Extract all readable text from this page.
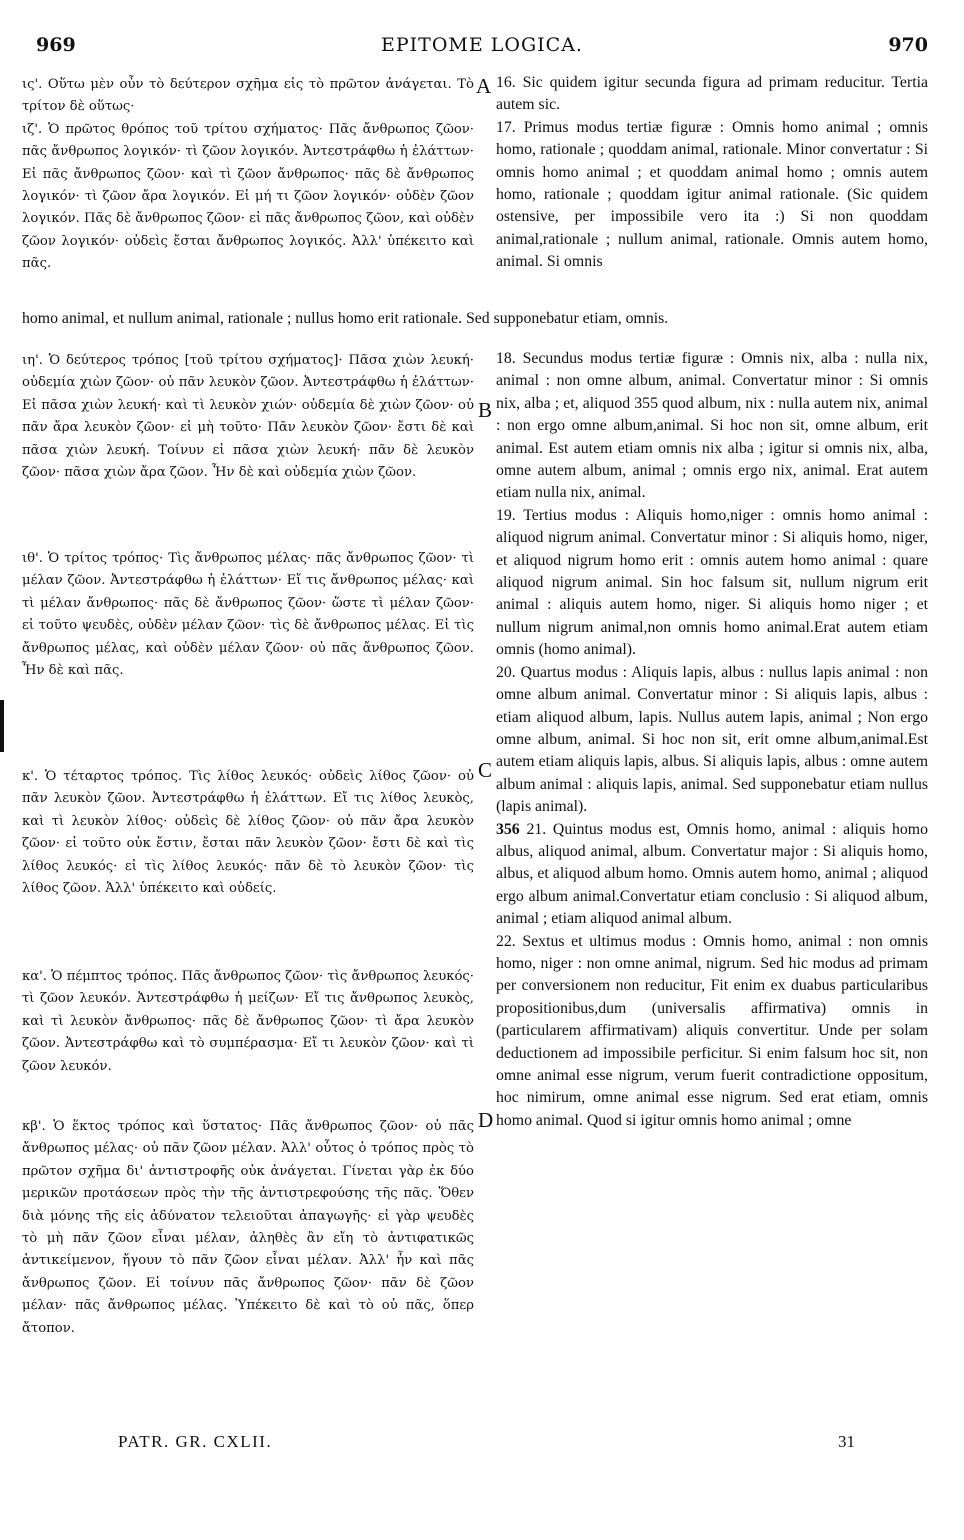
969	EPITOME LOGICA.	970

ις'. Οὕτω μὲν οὖν τὸ δεύτερον σχῆμα εἰς τὸ πρῶτον ἀνάγεται. Τὸ τρίτον δὲ οὕτως·

ιζ'. Ὁ πρῶτος θρόπος τοῦ τρίτου σχήματος· Πᾶς ἄνθρωπος ζῶον· πᾶς ἄνθρωπος λογικόν· τὶ ζῶον λογικόν. Ἀντεστράφθω ἡ ἐλάττων· Εἰ πᾶς ἄνθρωπος ζῶον· καὶ τὶ ζῶον ἄνθρωπος· πᾶς δὲ ἄνθρωπος λογικόν· τὶ ζῶον ἄρα λογικόν. Εἰ μή τι ζῶον λογικόν· οὐδὲν ζῶον λογικόν. Πᾶς δὲ ἄνθρωπος ζῶον· εἰ πᾶς ἄνθρωπος ζῶον, καὶ οὐδὲν ζῶον λογικόν· οὐδεὶς ἔσται ἄνθρωπος λογικός. Ἀλλ' ὑπέκειτο καὶ πᾶς.

16. Sic quidem igitur secunda figura ad primam reducitur. Tertia autem sic.

17. Primus modus tertiæ figuræ : Omnis homo animal ; omnis homo, rationale ; quoddam animal, rationale. Minor convertatur : Si omnis homo animal ; et quoddam animal homo ; omnis autem homo, rationale ; quoddam igitur animal rationale. (Sic quidem ostensive, per impossibile vero ita :) Si non quoddam animal,rationale ; nullum animal, rationale. Omnis autem homo, animal. Si omnis

homo animal, et nullum animal, rationale ; nullus homo erit rationale. Sed supponebatur etiam, omnis.

ιη'. Ὁ δεύτερος τρόπος [τοῦ τρίτου σχήματος]· Πᾶσα χιὼν λευκή· οὐδεμία χιὼν ζῶον· οὐ πᾶν λευκὸν ζῶον. Ἀντεστράφθω ἡ ἐλάττων· Εἰ πᾶσα χιὼν λευκή· καὶ τὶ λευκὸν χιών· οὐδεμία δὲ χιὼν ζῶον· οὐ πᾶν ἄρα λευκὸν ζῶον· εἰ μὴ τοῦτο· Πᾶν λευκὸν ζῶον· ἔστι δὲ καὶ πᾶσα χιὼν λευκή. Τοίνυν εἰ πᾶσα χιὼν λευκή· πᾶν δὲ λευκὸν ζῶον· πᾶσα χιὼν ἄρα ζῶον. Ἦν δὲ καὶ οὐδεμία χιὼν ζῶον.

ιθ'. Ὁ τρίτος τρόπος· Τὶς ἄνθρωπος μέλας· πᾶς ἄνθρωπος ζῶον· τὶ μέλαν ζῶον. Ἀντεστράφθω ἡ ἐλάττων· Εἴ τις ἄνθρωπος μέλας· καὶ τὶ μέλαν ἄνθρωπος· πᾶς δὲ ἄνθρωπος ζῶον· ὥστε τὶ μέλαν ζῶον· εἰ τοῦτο ψευδὲς, οὐδὲν μέλαν ζῶον· τὶς δὲ ἄνθρωπος μέλας. Εἰ τὶς ἄνθρωπος μέλας, καὶ οὐδὲν μέλαν ζῶον· οὐ πᾶς ἄνθρωπος ζῶον. Ἦν δὲ καὶ πᾶς.

κ'. Ὁ τέταρτος τρόπος. Τὶς λίθος λευκός· οὐδεὶς λίθος ζῶον· οὐ πᾶν λευκὸν ζῶον. Ἀντεστράφθω ἡ ἐλάττων. Εἴ τις λίθος λευκὸς, καὶ τὶ λευκὸν λίθος· οὐδεὶς δὲ λίθος ζῶον· οὐ πᾶν ἄρα λευκὸν ζῶον· εἰ τοῦτο οὐκ ἔστιν, ἔσται πᾶν λευκὸν ζῶον· ἔστι δὲ καὶ τὶς λίθος λευκός· εἰ τὶς λίθος λευκός· πᾶν δὲ τὸ λευκὸν ζῶον· τὶς λίθος ζῶον. Ἀλλ' ὑπέκειτο καὶ οὐδείς.

κα'. Ὁ πέμπτος τρόπος. Πᾶς ἄνθρωπος ζῶον· τὶς ἄνθρωπος λευκός· τὶ ζῶον λευκόν. Ἀντεστράφθω ἡ μείζων· Εἴ τις ἄνθρωπος λευκὸς, καὶ τὶ λευκὸν ἄνθρωπος· πᾶς δὲ ἄνθρωπος ζῶον· τὶ ἄρα λευκὸν ζῶον. Ἀντεστράφθω καὶ τὸ συμπέρασμα· Εἴ τι λευκὸν ζῶον· καὶ τὶ ζῶον λευκόν.

κβ'. Ὁ ἕκτος τρόπος καὶ ὕστατος· Πᾶς ἄνθρωπος ζῶον· οὐ πᾶς ἄνθρωπος μέλας· οὐ πᾶν ζῶον μέλαν. Ἀλλ' οὗτος ὁ τρόπος πρὸς τὸ πρῶτον σχῆμα δι' ἀντιστροφῆς οὐκ ἀνάγεται. Γίνεται γὰρ ἐκ δύο μερικῶν προτάσεων πρὸς τὴν τῆς ἀντιστρεφούσης τῆς πᾶς. Ὅθεν διὰ μόνης τῆς εἰς ἀδύνατον τελειοῦται ἀπαγωγῆς· εἰ γὰρ ψευδὲς τὸ μὴ πᾶν ζῶον εἶναι μέλαν, ἀληθὲς ἂν εἴη τὸ ἀντιφατικῶς ἀντικείμενον, ἤγουν τὸ πᾶν ζῶον εἶναι μέλαν. Ἀλλ' ἦν καὶ πᾶς ἄνθρωπος ζῶον. Εἰ τοίνυν πᾶς ἄνθρωπος ζῶον· πᾶν δὲ ζῶον μέλαν· πᾶς ἄνθρωπος μέλας. Ὑπέκειτο δὲ καὶ τὸ οὐ πᾶς, ὅπερ ἄτοπον.

18. Secundus modus tertiæ figuræ : Omnis nix, alba : nulla nix, animal : non omne album, animal. Convertatur minor : Si omnis nix, alba ; et, aliquod 355 quod album, nix : nulla autem nix, animal : non ergo omne album,animal. Si hoc non sit, omne album, erit animal. Est autem etiam omnis nix alba ; igitur si omnis nix, alba, omne autem album, animal ; omnis ergo nix, animal. Erat autem etiam nulla nix, animal.

19. Tertius modus : Aliquis homo,niger : omnis homo animal : aliquod nigrum animal. Convertatur minor : Si aliquis homo, niger, et aliquod nigrum homo erit : omnis autem homo animal : quare aliquod nigrum animal. Sin hoc falsum sit, nullum nigrum erit animal : aliquis autem homo, niger. Si aliquis homo niger ; et nullum nigrum animal,non omnis homo animal.Erat autem etiam omnis (homo animal).

20. Quartus modus : Aliquis lapis, albus : nullus lapis animal : non omne album animal. Convertatur minor : Si aliquis lapis, albus : etiam aliquod album, lapis. Nullus autem lapis, animal ; Non ergo omne album, animal. Si hoc non sit, erit omne album,animal.Est autem etiam aliquis lapis, albus. Si aliquis lapis, albus : omne autem album animal : aliquis lapis, animal. Sed supponebatur etiam nullus (lapis animal).

356 21. Quintus modus est, Omnis homo, animal : aliquis homo albus, aliquod animal, album. Convertatur major : Si aliquis homo, albus, et aliquod album homo. Omnis autem homo, animal ; aliquod ergo album animal.Convertatur etiam conclusio : Si aliquod album, animal ; etiam aliquod animal album.

22. Sextus et ultimus modus : Omnis homo, animal : non omnis homo, niger : non omne animal, nigrum. Sed hic modus ad primam per conversionem non reducitur, Fit enim ex duabus particularibus propositionibus,dum (universalis affirmativa) omnis in (particularem affirmativam) aliquis convertitur. Unde per solam deductionem ad impossibile perficitur. Si enim falsum hoc sit, non omne animal esse nigrum, verum fuerit contradictione oppositum, hoc nimirum, omne animal esse nigrum. Sed erat etiam, omnis homo animal. Quod si igitur omnis homo animal ; omne

A
B
C
D
PATR. GR. CXLII.	31
